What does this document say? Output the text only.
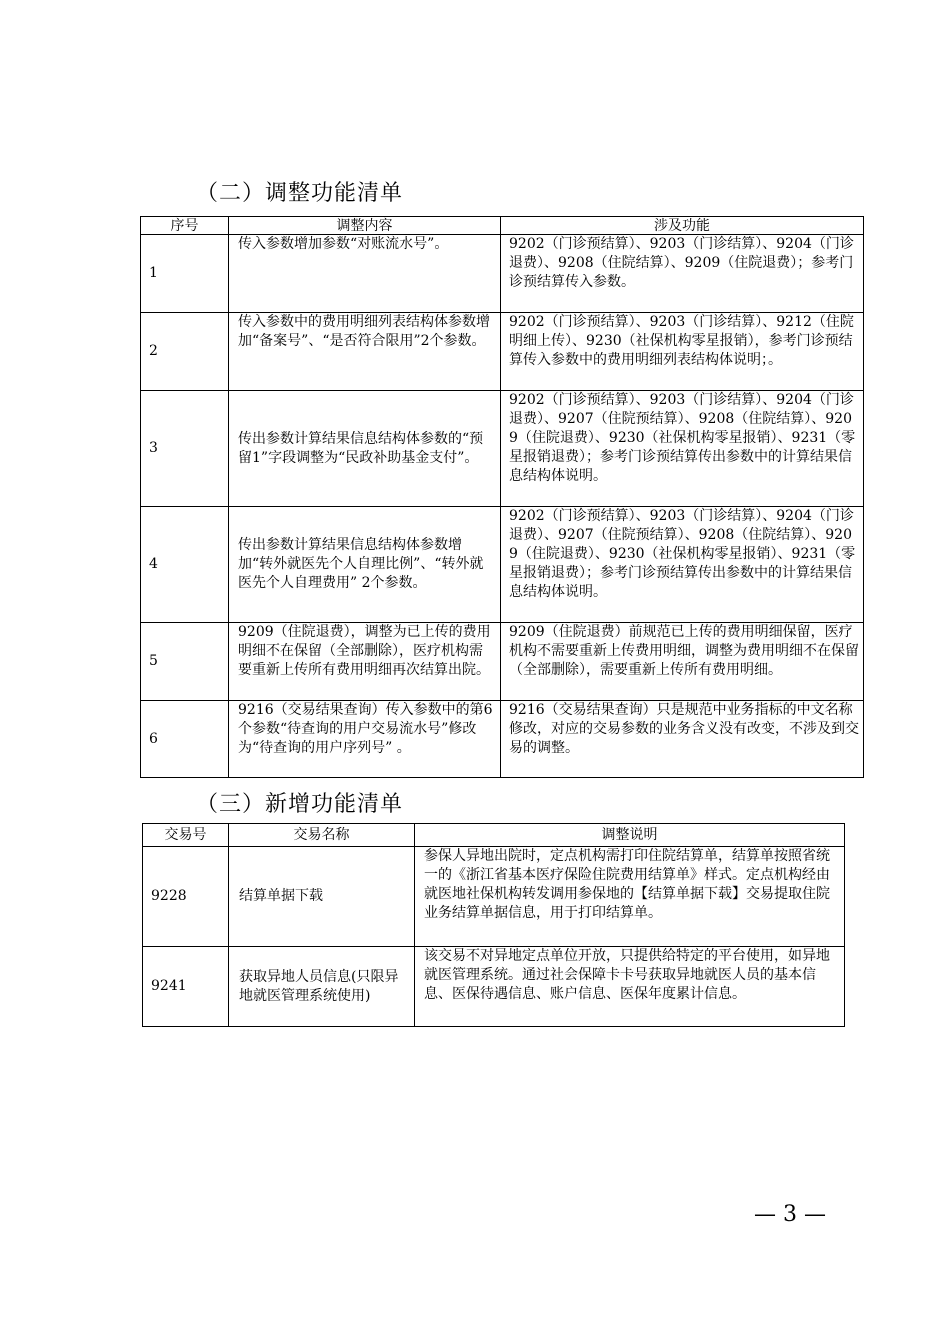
（二）调整功能清单
序号	调整内容	涉及功能
1	传入参数增加参数“对账流水号”。	9202（门诊预结算）、9203（门诊结算）、9204（门诊退费）、9208（住院结算）、9209（住院退费）；参考门诊预结算传入参数。
2	传入参数中的费用明细列表结构体参数增加“备案号”、“是否符合限用”2个参数。	9202（门诊预结算）、9203（门诊结算）、9212（住院明细上传）、9230（社保机构零星报销），参考门诊预结算传入参数中的费用明细列表结构体说明；。
3	传出参数计算结果信息结构体参数的“预留1”字段调整为“民政补助基金支付”。	9202（门诊预结算）、9203（门诊结算）、9204（门诊退费）、9207（住院预结算）、9208（住院结算）、9209（住院退费）、9230（社保机构零星报销）、9231（零星报销退费）；参考门诊预结算传出参数中的计算结果信息结构体说明。
4	传出参数计算结果信息结构体参数增加“转外就医先个人自理比例”、“转外就医先个人自理费用” 2个参数。	9202（门诊预结算）、9203（门诊结算）、9204（门诊退费）、9207（住院预结算）、9208（住院结算）、9209（住院退费）、9230（社保机构零星报销）、9231（零星报销退费）；参考门诊预结算传出参数中的计算结果信息结构体说明。
5	9209（住院退费），调整为已上传的费用明细不在保留（全部删除），医疗机构需要重新上传所有费用明细再次结算出院。	9209（住院退费）前规范已上传的费用明细保留，医疗机构不需要重新上传费用明细，调整为费用明细不在保留（全部删除），需要重新上传所有费用明细。
6	9216（交易结果查询）传入参数中的第6个参数“待查询的用户交易流水号”修改为“待查询的用户序列号” 。	9216（交易结果查询）只是规范中业务指标的中文名称修改，对应的交易参数的业务含义没有改变，不涉及到交易的调整。
（三）新增功能清单
交易号	交易名称	调整说明
9228	结算单据下载	参保人异地出院时，定点机构需打印住院结算单，结算单按照省统一的《浙江省基本医疗保险住院费用结算单》样式。定点机构经由就医地社保机构转发调用参保地的【结算单据下载】交易提取住院业务结算单据信息，用于打印结算单。
9241	获取异地人员信息(只限异地就医管理系统使用)	该交易不对异地定点单位开放，只提供给特定的平台使用，如异地就医管理系统。通过社会保障卡卡号获取异地就医人员的基本信息、医保待遇信息、账户信息、医保年度累计信息。
— 3 —
